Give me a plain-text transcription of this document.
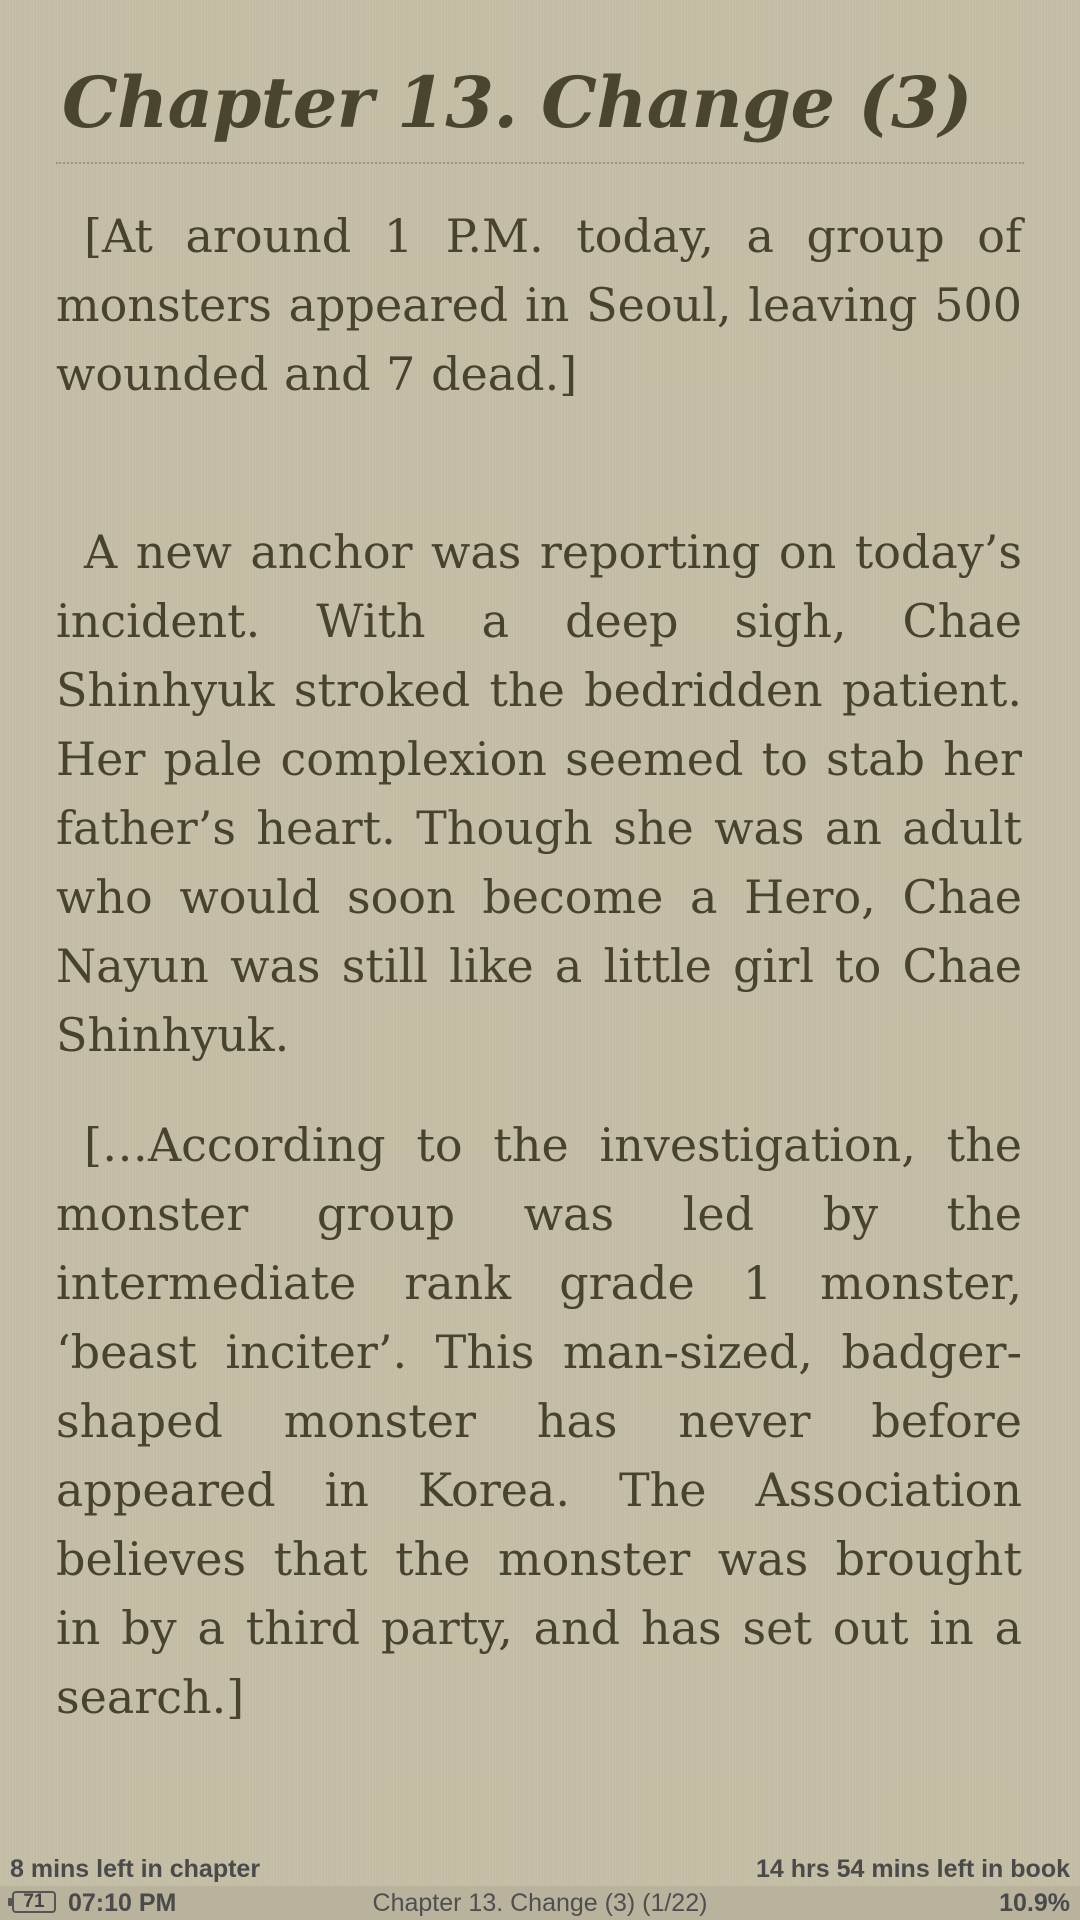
Chapter 13. Change (3)

[At around 1 P.M. today, a group of monsters appeared in Seoul, leaving 500 wounded and 7 dead.]

A new anchor was reporting on today’s incident. With a deep sigh, Chae Shinhyuk stroked the bedridden patient. Her pale complexion seemed to stab her father’s heart. Though she was an adult who would soon become a Hero, Chae Nayun was still like a little girl to Chae Shinhyuk.

[…According to the investigation, the monster group was led by the intermediate rank grade 1 monster, ‘beast inciter’. This man-sized, badger-shaped monster has never before appeared in Korea. The Association believes that the monster was brought in by a third party, and has set out in a search.]

8 mins left in chapter	14 hrs 54 mins left in book
Chapter 13. Change (3) (1/22)
71 07:10 PM	10.9%
